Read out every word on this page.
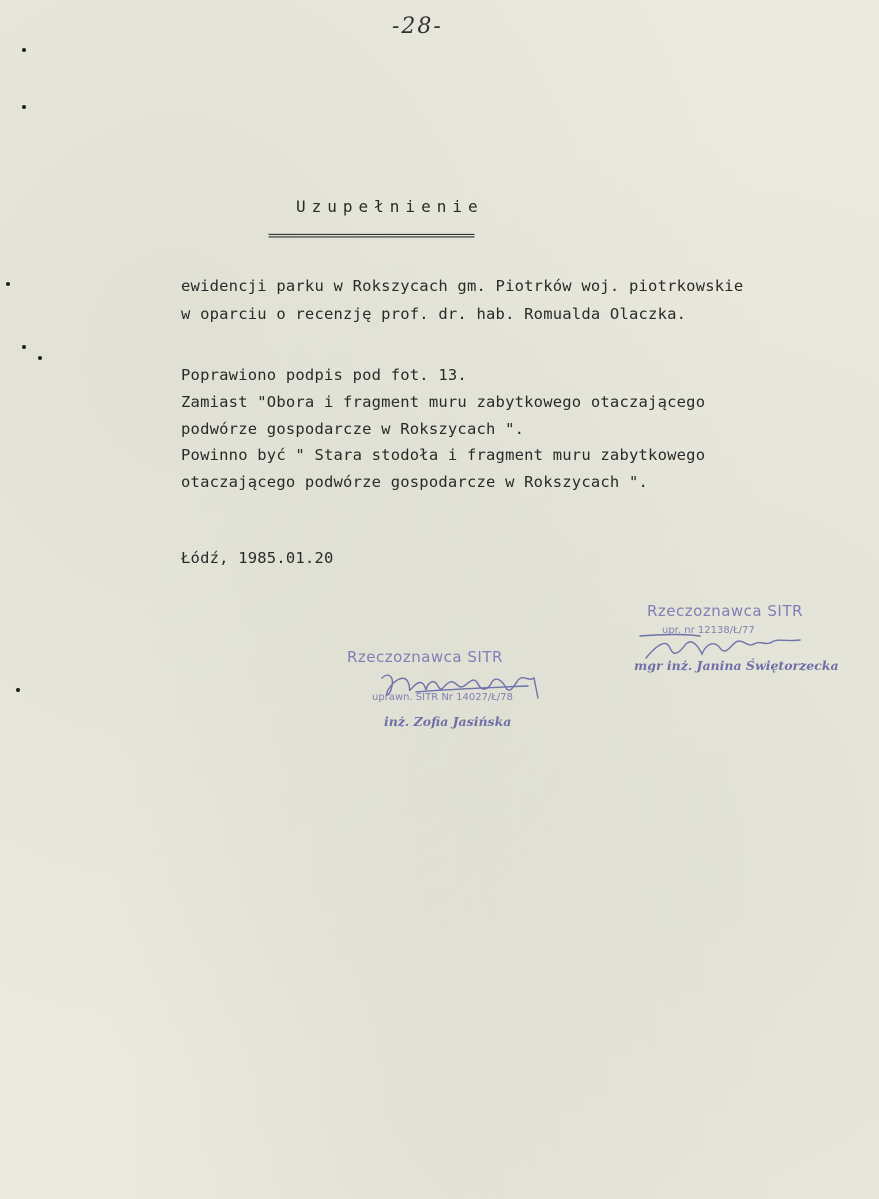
-28-
Uzupełnienie
================================
ewidencji parku w Rokszycach gm. Piotrków woj. piotrkowskie
w oparciu o recenzję prof. dr. hab. Romualda Olaczka.
Poprawiono podpis pod fot. 13.
Zamiast "Obora i fragment muru zabytkowego otaczającego
podwórze gospodarcze w Rokszycach ".
Powinno być " Stara stodoła i fragment muru zabytkowego
otaczającego podwórze gospodarcze w Rokszycach ".
Łódź, 1985.01.20
Rzeczoznawca SITR
uprawn. SITR Nr 14027/Ł/78
inż. Zofia Jasińska
Rzeczoznawca SITR
upr. nr 12138/Ł/77
mgr inż. Janina Świętorzecka
